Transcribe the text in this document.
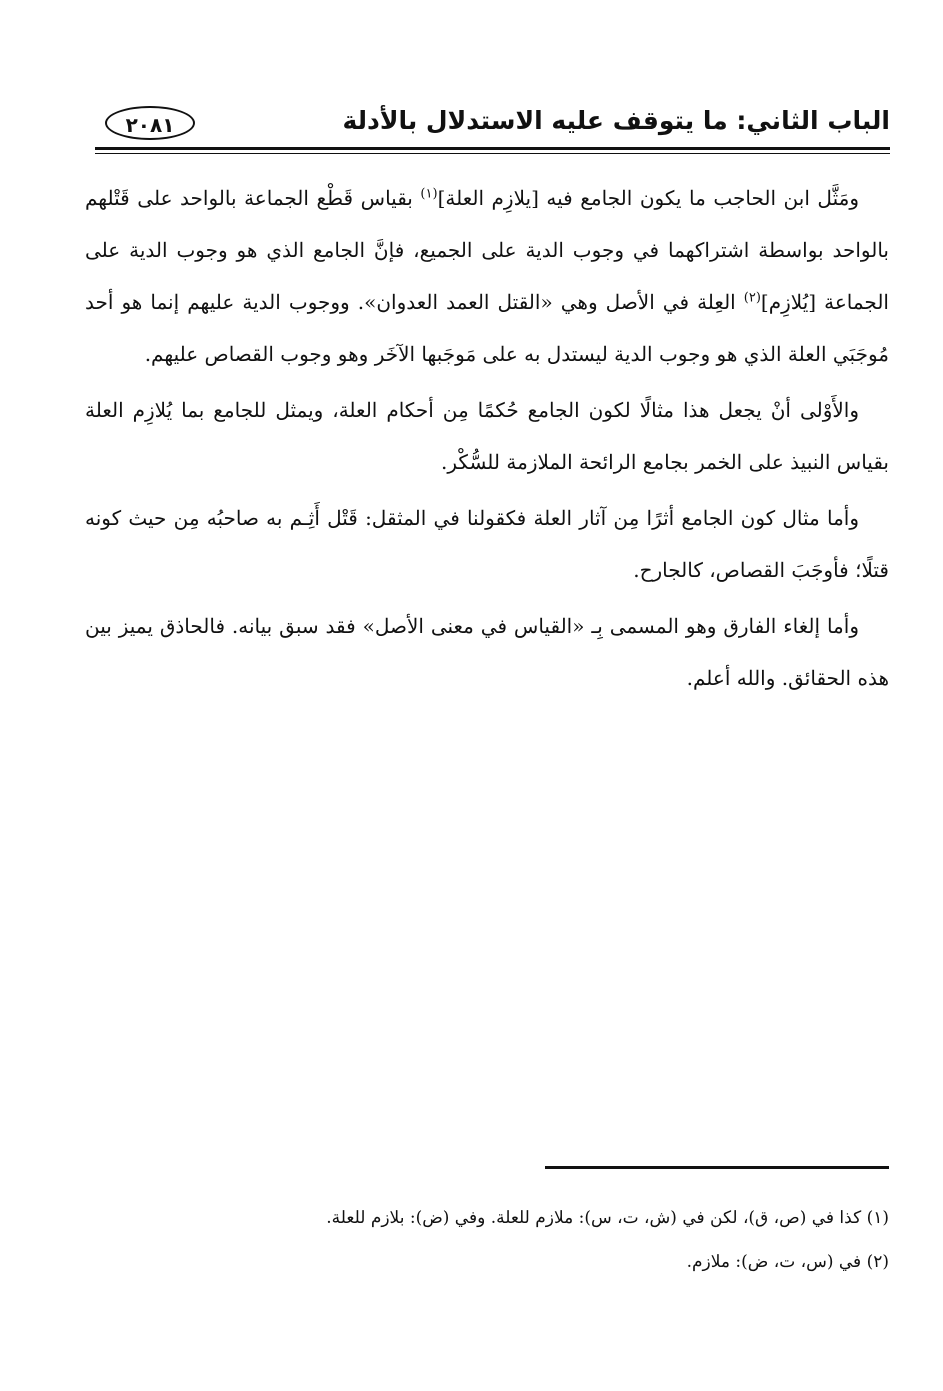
الباب الثاني: ما يتوقف عليه الاستدلال بالأدلة
٢٠٨١

ومَثَّل ابن الحاجب ما يكون الجامع فيه [يلازِم العلة]$^{(١)}$ بقياس قَطْع الجماعة بالواحد على قَتْلهم بالواحد بواسطة اشتراكهما في وجوب الدية على الجميع، فإنَّ الجامع الذي هو وجوب الدية على الجماعة [يُلازِم]$^{(٢)}$ العِلة في الأصل وهي «القتل العمد العدوان». ووجوب الدية عليهم إنما هو أحد مُوجَبَي العلة الذي هو وجوب الدية ليستدل به على مَوجَبها الآخَر وهو وجوب القصاص عليهم.

والأَوْلى أنْ يجعل هذا مثالًا لكون الجامع حُكمًا مِن أحكام العلة، ويمثل للجامع بما يُلازِم العلة بقياس النبيذ على الخمر بجامع الرائحة الملازمة للسُّكْر.

وأما مثال كون الجامع أثرًا مِن آثار العلة فكقولنا في المثقل: قَتْل أَثِـم به صاحبُه مِن حيث كونه قتلًا؛ فأوجَبَ القصاص، كالجارح.

وأما إلغاء الفارق وهو المسمى بِـ «القياس في معنى الأصل» فقد سبق بيانه. فالحاذق يميز بين هذه الحقائق. والله أعلم.

(١) كذا في (ص، ق)، لكن في (ش، ت، س): ملازم للعلة. وفي (ض): بلازم للعلة.

(٢) في (س، ت، ض): ملازم.
